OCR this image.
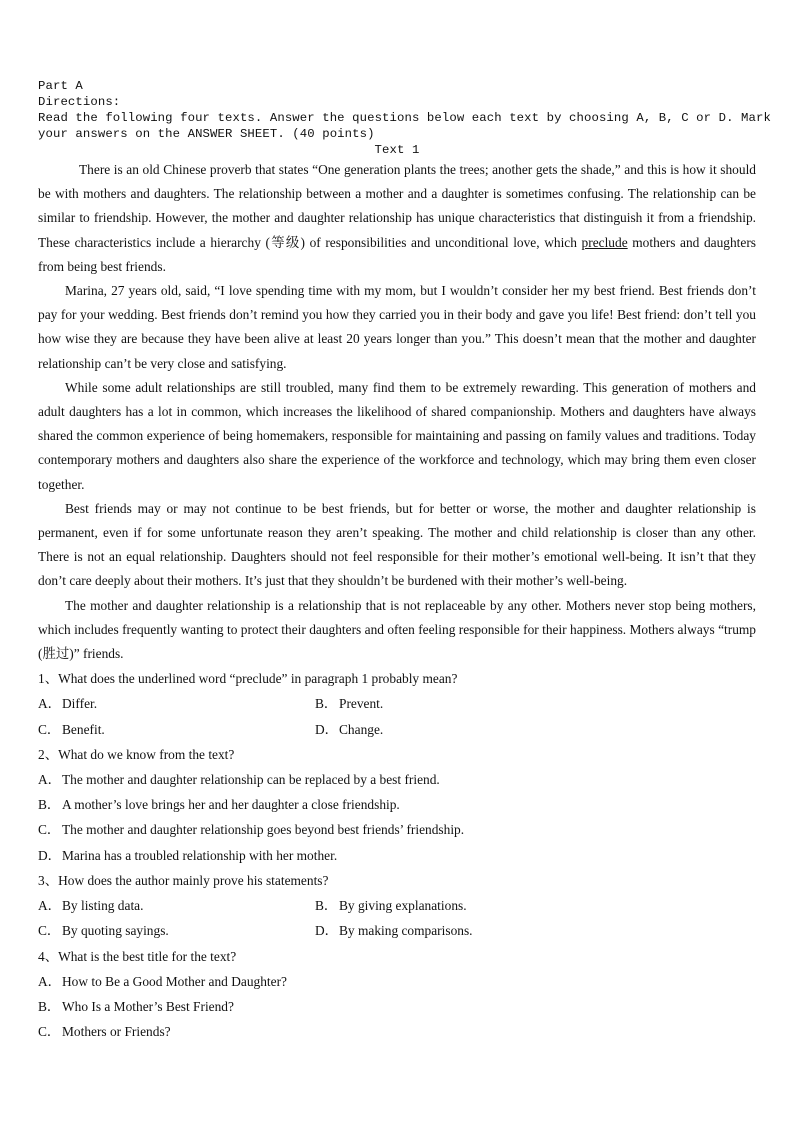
Part A
Directions:
Read the following four texts. Answer the questions below each text by choosing A, B, C or D. Mark
your answers on the ANSWER SHEET. (40 points)
Text 1

There is an old Chinese proverb that states “One generation plants the trees; another gets the shade,” and this is how it should be with mothers and daughters. The relationship between a mother and a daughter is sometimes confusing. The relationship can be similar to friendship. However, the mother and daughter relationship has unique characteristics that distinguish it from a friendship. These characteristics include a hierarchy (等级) of responsibilities and unconditional love, which preclude mothers and daughters from being best friends.

Marina, 27 years old, said, “I love spending time with my mom, but I wouldn’t consider her my best friend. Best friends don’t pay for your wedding. Best friends don’t remind you how they carried you in their body and gave you life! Best friend: don’t tell you how wise they are because they have been alive at least 20 years longer than you.” This doesn’t mean that the mother and daughter relationship can’t be very close and satisfying.

While some adult relationships are still troubled, many find them to be extremely rewarding. This generation of mothers and adult daughters has a lot in common, which increases the likelihood of shared companionship. Mothers and daughters have always shared the common experience of being homemakers, responsible for maintaining and passing on family values and traditions. Today contemporary mothers and daughters also share the experience of the workforce and technology, which may bring them even closer together.

Best friends may or may not continue to be best friends, but for better or worse, the mother and daughter relationship is permanent, even if for some unfortunate reason they aren’t speaking. The mother and child relationship is closer than any other. There is not an equal relationship. Daughters should not feel responsible for their mother’s emotional well-being. It isn’t that they don’t care deeply about their mothers. It’s just that they shouldn’t be burdened with their mother’s well-being.

The mother and daughter relationship is a relationship that is not replaceable by any other. Mothers never stop being mothers, which includes frequently wanting to protect their daughters and often feeling responsible for their happiness. Mothers always “trump (胜过)” friends.

1、What does the underlined word “preclude” in paragraph 1 probably mean?
A． Differ.	B． Prevent.
C． Benefit.	D． Change.
2、What do we know from the text?
A． The mother and daughter relationship can be replaced by a best friend.
B． A mother’s love brings her and her daughter a close friendship.
C． The mother and daughter relationship goes beyond best friends’ friendship.
D． Marina has a troubled relationship with her mother.
3、How does the author mainly prove his statements?
A． By listing data.	B． By giving explanations.
C． By quoting sayings.	D． By making comparisons.
4、What is the best title for the text?
A． How to Be a Good Mother and Daughter?
B． Who Is a Mother’s Best Friend?
C． Mothers or Friends?
